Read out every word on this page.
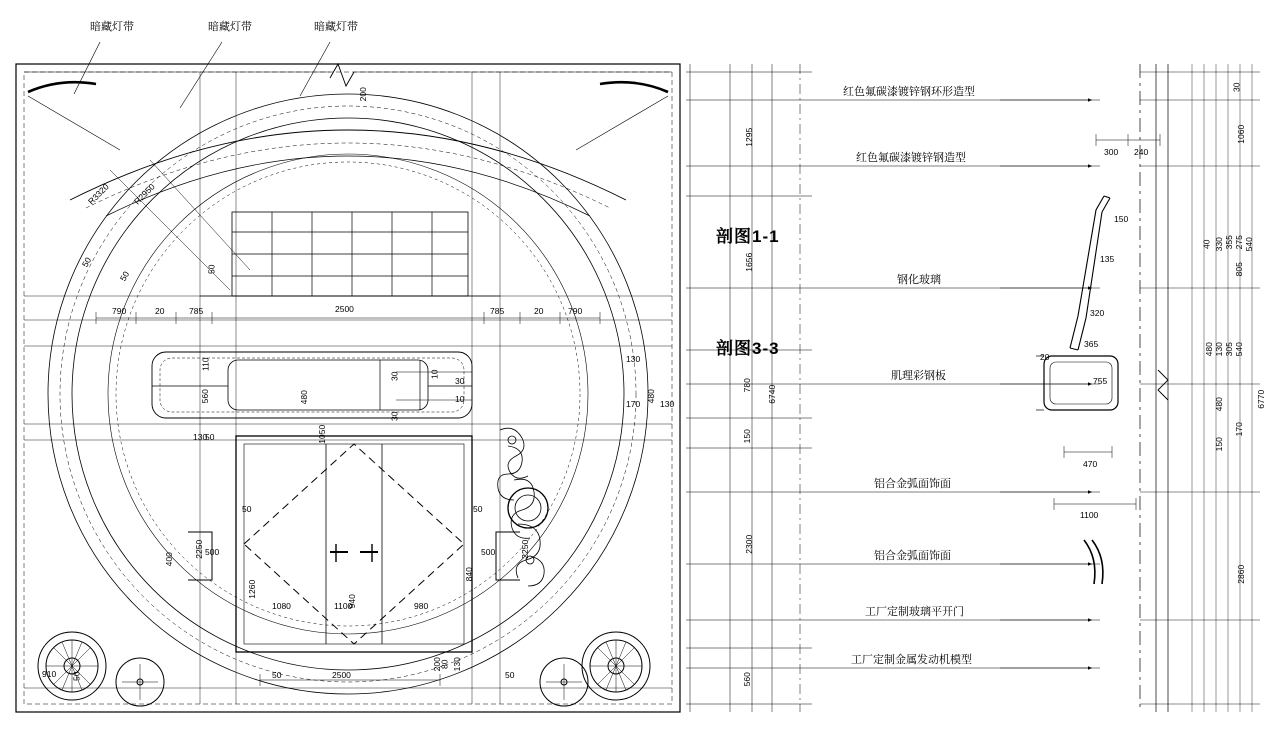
暗藏灯带	暗藏灯带	暗藏灯带
剖图1-1
剖图3-3
红色氟碳漆镀锌钢环形造型
红色氟碳漆镀锌钢造型
钢化玻璃
肌理彩钢板
铝合金弧面饰面
铝合金弧面饰面
工厂定制玻璃平开门
工厂定制金属发动机模型
200
R3320 R2950
50
50
50
790	20	785	2500	785	20	790
110
560	480
30	10
30
10
30
130
170
480
130
130
50	1050
50	50
400
2250 500	500	2250
840
1260
1080	940
1100	980
2500
50	50
200
80 130
910 50
1295
1656
780 6740
150
2300
560
300 240
150
135
320
365
20
755
470
1100
30
1060
40 330 355 275 540
805
480 130 305 540
6770
480
150
170
2860
